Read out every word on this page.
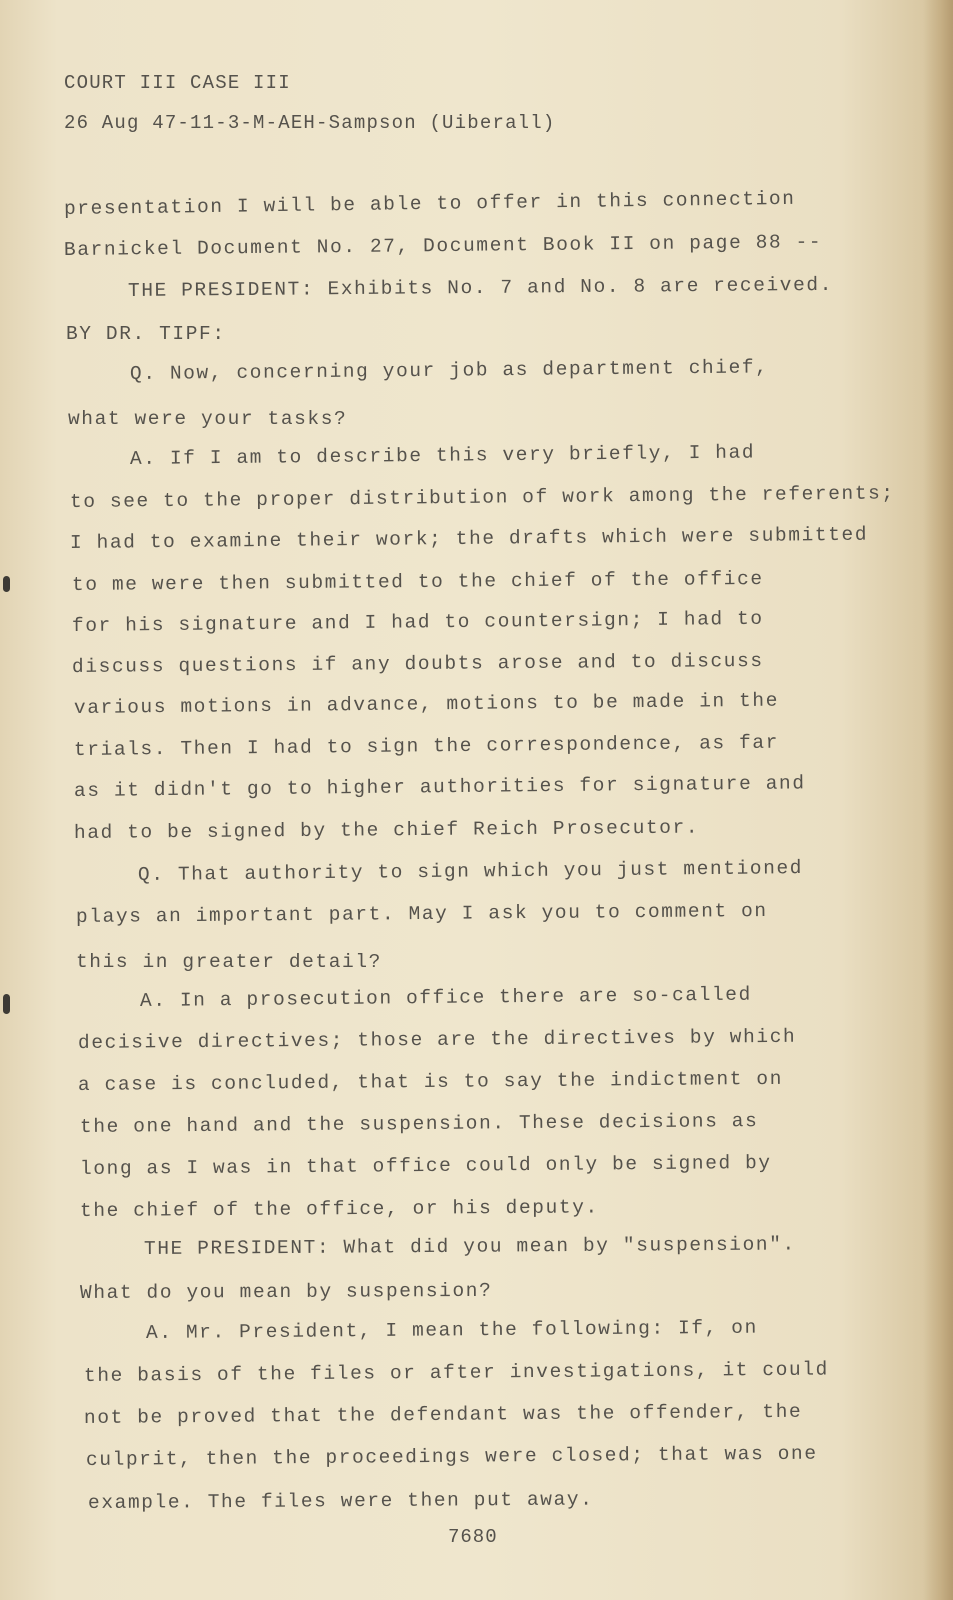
COURT III CASE III
26 Aug 47-11-3-M-AEH-Sampson (Uiberall)
presentation I will be able to offer in this connection
Barnickel Document No. 27, Document Book II on page 88 --
THE PRESIDENT: Exhibits No. 7 and No. 8 are received.
BY DR. TIPF:
Q. Now, concerning your job as department chief,
what were your tasks?
A. If I am to describe this very briefly, I had
to see to the proper distribution of work among the referents;
I had to examine their work; the drafts which were submitted
to me were then submitted to the chief of the office
for his signature and I had to countersign; I had to
discuss questions if any doubts arose and to discuss
various motions in advance, motions to be made in the
trials. Then I had to sign the correspondence, as far
as it didn't go to higher authorities for signature and
had to be signed by the chief Reich Prosecutor.
Q. That authority to sign which you just mentioned
plays an important part. May I ask you to comment on
this in greater detail?
A. In a prosecution office there are so-called
decisive directives; those are the directives by which
a case is concluded, that is to say the indictment on
the one hand and the suspension. These decisions as
long as I was in that office could only be signed by
the chief of the office, or his deputy.
THE PRESIDENT: What did you mean by "suspension".
What do you mean by suspension?
A. Mr. President, I mean the following: If, on
the basis of the files or after investigations, it could
not be proved that the defendant was the offender, the
culprit, then the proceedings were closed; that was one
example. The files were then put away.
7680
